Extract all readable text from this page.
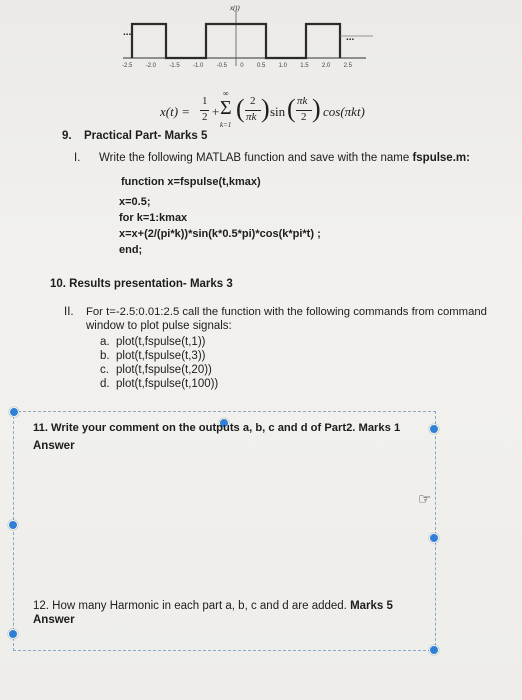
x(t)
...	...
-2.5 -2.0 -1.5 -1.0 -0.5 0 0.5 1.0 1.5 2.0 2.5
x(t) =
1
2 +
∞
Σ
k=1
( 2
πk ) sin ( πk
2 ) cos(πkt)
9. Practical Part- Marks 5
I. Write the following MATLAB function and save with the name fspulse.m:
function x=fspulse(t,kmax)
x=0.5;
for k=1:kmax
x=x+(2/(pi*k))*sin(k*0.5*pi)*cos(k*pi*t) ;
end;
10. Results presentation- Marks 3
II. For t=-2.5:0.01:2.5 call the function with the following commands from command
window to plot pulse signals:
a. plot(t,fspulse(t,1))
b. plot(t,fspulse(t,3))
c. plot(t,fspulse(t,20))
d. plot(t,fspulse(t,100))
11. Write your comment on the outputs a, b, c and d of Part2. Marks 1
Answer
☞
12. How many Harmonic in each part a, b, c and d are added. Marks 5
Answer
